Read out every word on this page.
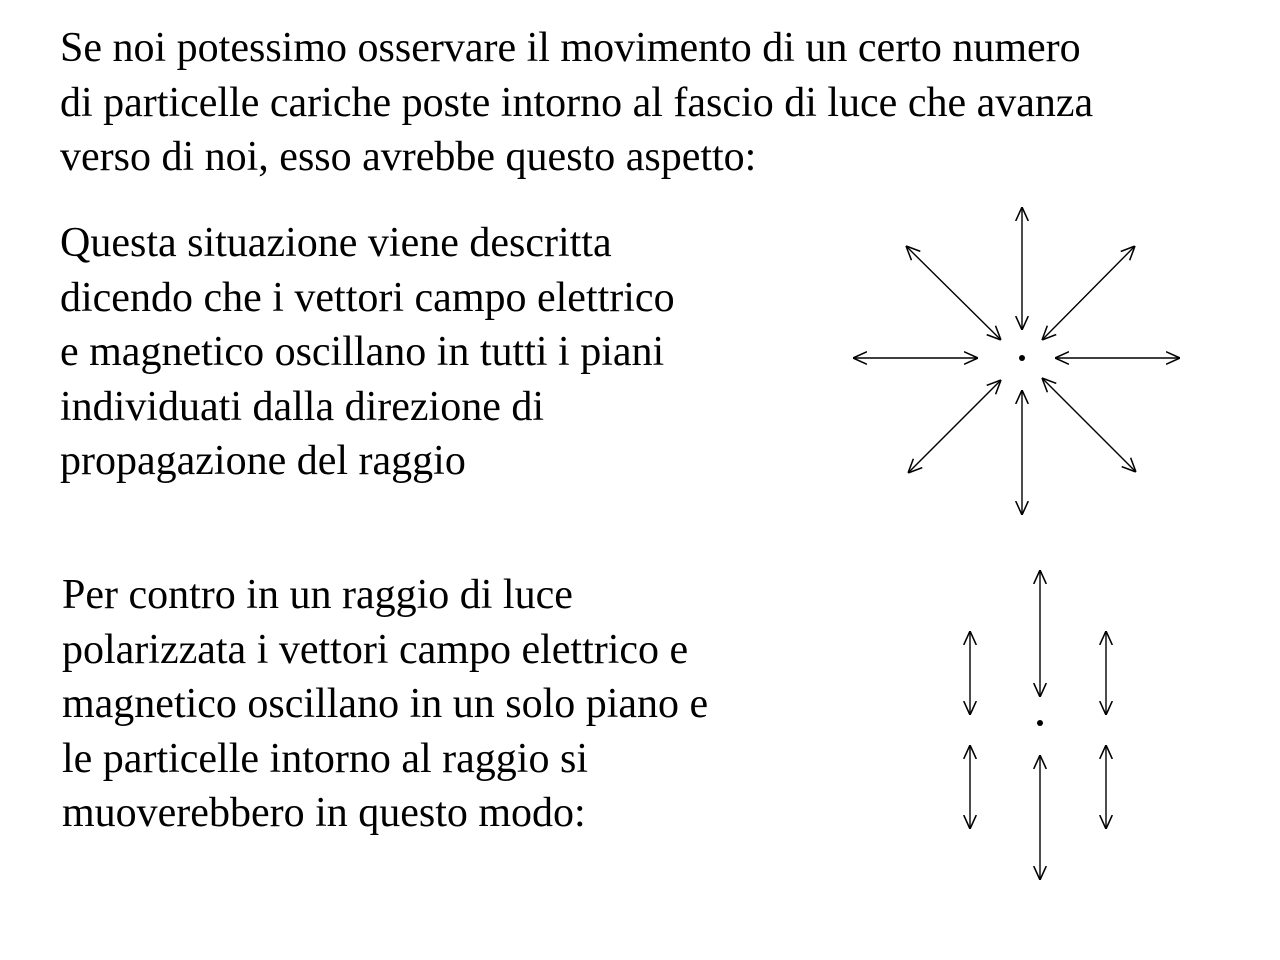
Se noi potessimo osservare il movimento di un certo numero
di particelle cariche poste intorno al fascio di luce che avanza
verso di noi, esso avrebbe questo aspetto:
Questa situazione viene descritta
dicendo che i vettori campo elettrico
e magnetico oscillano in tutti i piani
individuati dalla direzione di
propagazione del raggio
Per contro in un raggio di luce
polarizzata i vettori campo elettrico e
magnetico oscillano in un solo piano e
le particelle intorno al raggio si
muoverebbero in questo modo:
